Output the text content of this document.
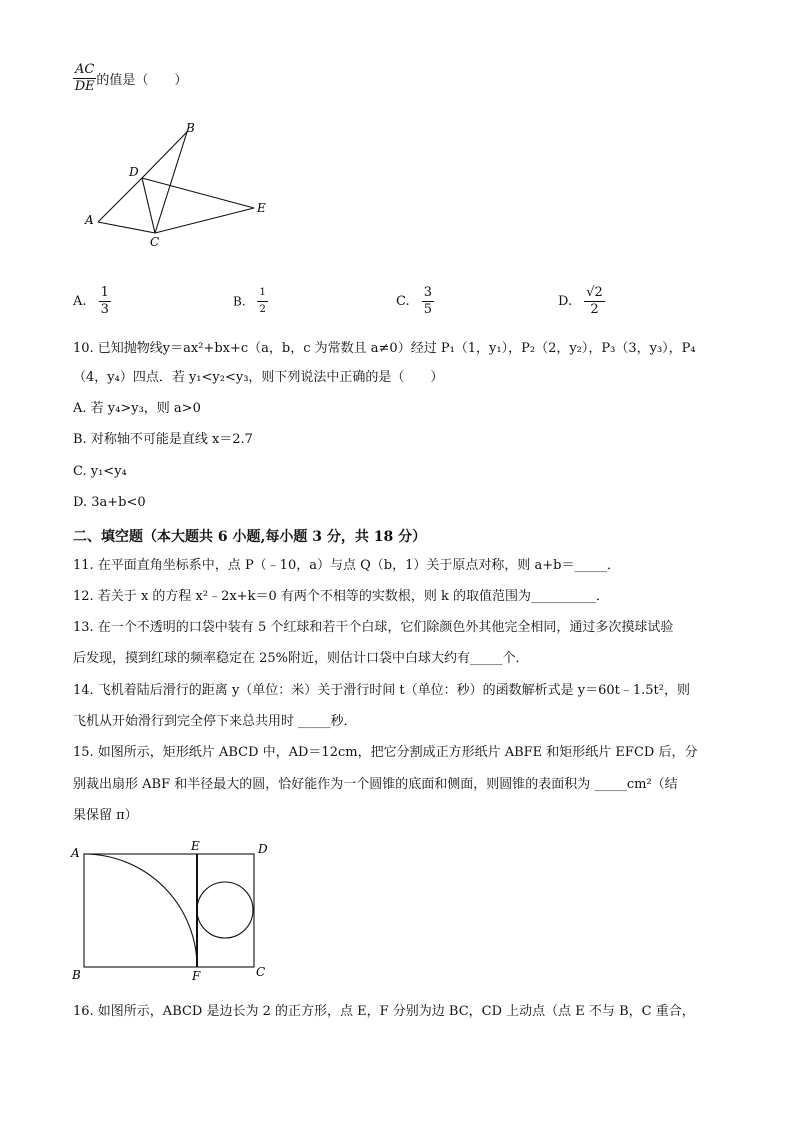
$\frac{AC}{DE}$ 的值是（　　）
B
D
A
E
C
A. $\frac{1}{3}$	B. $\frac{1}{2}$	C. $\frac{3}{5}$	D. $\frac{√2}{2}$
10. 已知抛物线y＝ax²+bx+c（a，b，c 为常数且 a≠0）经过 P₁（1，y₁），P₂（2，y₂），P₃（3，y₃），P₄
（4，y₄）四点．若 y₁<y₂<y₃，则下列说法中正确的是（　　）
A. 若 y₄>y₃，则 a>0
B. 对称轴不可能是直线 x＝2.7
C. y₁<y₄
D. 3a+b<0
二、填空题（本大题共 6 小题,每小题 3 分，共 18 分）
11. 在平面直角坐标系中，点 P（﹣10，a）与点 Q（b，1）关于原点对称，则 a+b＝_____．
12. 若关于 x 的方程 x²﹣2x+k＝0 有两个不相等的实数根，则 k 的取值范围为__________．
13. 在一个不透明的口袋中装有 5 个红球和若干个白球，它们除颜色外其他完全相同，通过多次摸球试验
后发现，摸到红球的频率稳定在 25%附近，则估计口袋中白球大约有_____个．
14. 飞机着陆后滑行的距离 y（单位：米）关于滑行时间 t（单位：秒）的函数解析式是 y＝60t﹣1.5t²，则
飞机从开始滑行到完全停下来总共用时 _____秒．
15. 如图所示，矩形纸片 ABCD 中，AD＝12cm，把它分割成正方形纸片 ABFE 和矩形纸片 EFCD 后，分
别裁出扇形 ABF 和半径最大的圆，恰好能作为一个圆锥的底面和侧面，则圆锥的表面积为 _____cm²（结
果保留 π）
A	E	D
B	F	C
16. 如图所示，ABCD 是边长为 2 的正方形，点 E，F 分别为边 BC，CD 上动点（点 E 不与 B，C 重合，
